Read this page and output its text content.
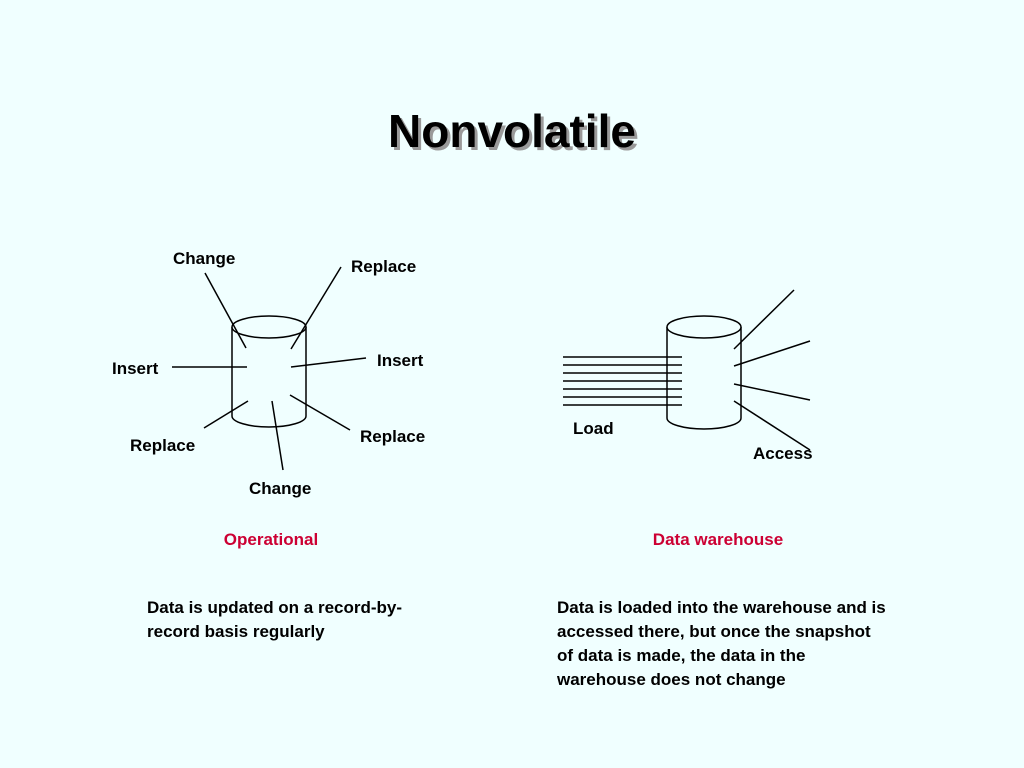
Nonvolatile
Change	Replace
Insert	Insert
Replace	Replace
Change
Operational
Load
Access
Data warehouse
Data is updated on a record-by-record basis regularly
Data is loaded into the warehouse and is accessed there, but once the snapshot of data is made, the data in the warehouse does not change
